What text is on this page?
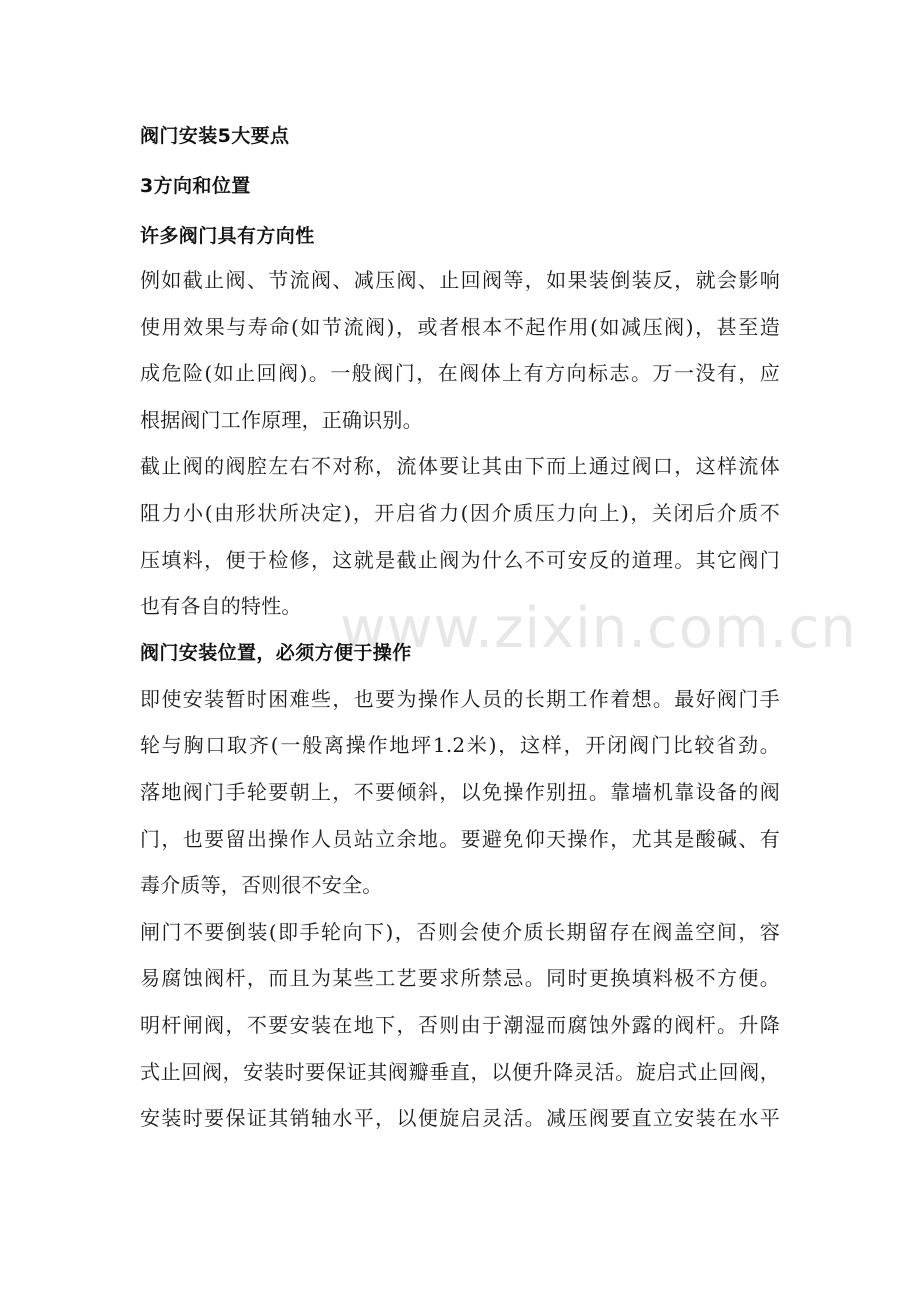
www.zixin.com.cn
阀门安装5大要点
3方向和位置
许多阀门具有方向性
例如截止阀、节流阀、减压阀、止回阀等，如果装倒装反，就会影响
使用效果与寿命(如节流阀)，或者根本不起作用(如减压阀)，甚至造
成危险(如止回阀)。一般阀门，在阀体上有方向标志。万一没有，应
根据阀门工作原理，正确识别。
截止阀的阀腔左右不对称，流体要让其由下而上通过阀口，这样流体
阻力小(由形状所决定)，开启省力(因介质压力向上)，关闭后介质不
压填料，便于检修，这就是截止阀为什么不可安反的道理。其它阀门
也有各自的特性。
阀门安装位置，必须方便于操作
即使安装暂时困难些，也要为操作人员的长期工作着想。最好阀门手
轮与胸口取齐(一般离操作地坪1.2米)，这样，开闭阀门比较省劲。
落地阀门手轮要朝上，不要倾斜，以免操作别扭。靠墙机靠设备的阀
门，也要留出操作人员站立余地。要避免仰天操作，尤其是酸碱、有
毒介质等，否则很不安全。
闸门不要倒装(即手轮向下)，否则会使介质长期留存在阀盖空间，容
易腐蚀阀杆，而且为某些工艺要求所禁忌。同时更换填料极不方便。
明杆闸阀，不要安装在地下，否则由于潮湿而腐蚀外露的阀杆。升降
式止回阀，安装时要保证其阀瓣垂直，以便升降灵活。旋启式止回阀，
安装时要保证其销轴水平，以便旋启灵活。减压阀要直立安装在水平
